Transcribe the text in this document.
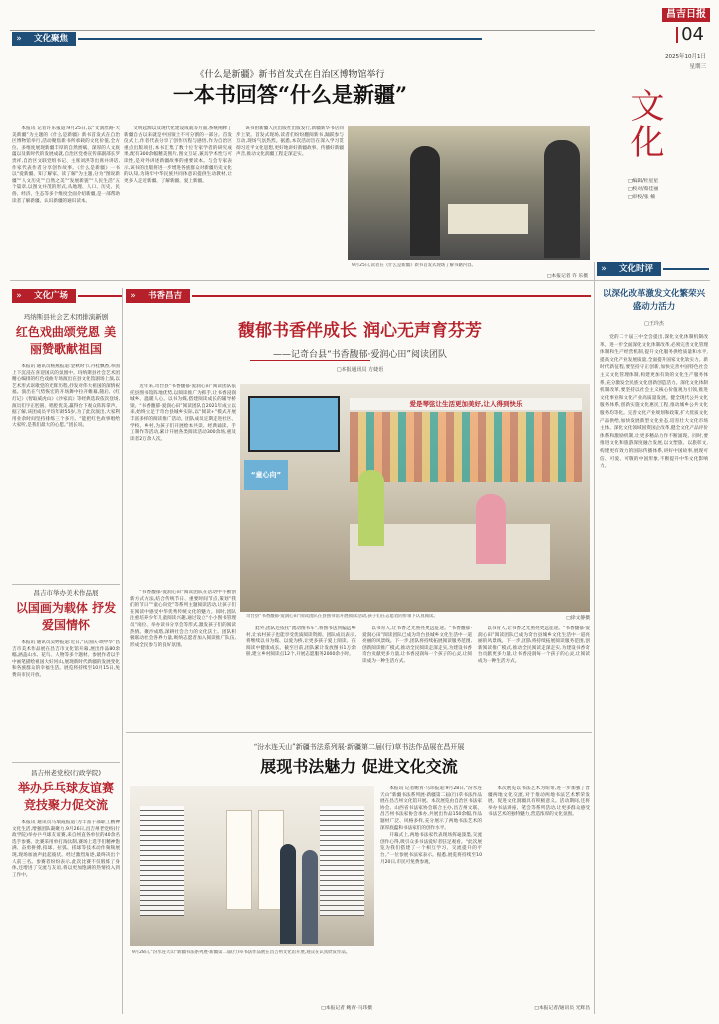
昌吉日报
04
2025年10月1日
星期三
»	文化聚焦
《什么是新疆》新书首发式在自治区博物馆举行
一本书回答“什么是新疆”

本报讯 记者许乐报道:9月25日,以“文润丝路·大美新疆”为主题的《什么是新疆》新书首发式在自治区博物馆举行,活动聚焦新书所承载的文化价值,全方位、多维度展现新疆丰厚的自然禀赋、深厚的人文底蕴以及新时代的发展成就,自治区党委宣传部副部长罗贵祥,自治区文联党组书记、主席刘洪等出席并讲话,作家代表作者分享创作故事。《什么是新疆》一书以“爱新疆、知了解家、读了解”为主题,分为“图说新疆”“人文历史”“自然之美”“发展新貌”“人民生活”五个篇章,以图文并茂的形式,从地理、人口、历史、民俗、经济、生态等多个维度全面介绍新疆,是一部帮助读者了解新疆、认识新疆的通识读本。

文明起源以及现代化建设成就等方面,系统阐释了新疆自古以来就是中国领土不可分割的一部分。首发仪式上,作者代表分享了创作历程与感悟,作为自治区重点出版项目,本书汇集了数十位专家学者的研究成果,配有300余幅精美图片,图文互证,兼具学术性与可读性,是对外讲述新疆故事的重要读本。与会专家表示,该书的出版将进一步增进各族群众对新疆历史文化的认知,为铸牢中华民族共同体意识提供生动教材,让更多人走近新疆、了解新疆、爱上新疆。

该书由新疆人民出版社出版发行,新疆新华书店同步上架。首发式现场,读者们纷纷翻阅新书,踊跃参与互动,现场气氛热烈。据悉,本次活动旨在深入学习贯彻习近平文化思想,更好地讲好新疆故事、传播好新疆声音,推动文化润疆工程走深走实。

9月25日,读者在《什么是新疆》新书首发式现场了解书籍内容。
□本报记者 许 乐摄
文化
□编辑/杜星星
□校对/蔡佳丽
□审校/张 楠
»	文化广场	»	书香昌吉
»	文化时评
玛纳斯县社会艺术团排演新剧
红色戏曲颂党恩 美丽赞歌献祖国

本报讯 通讯员杨燕报道:金秋时节,丹桂飘香,举国上下沉浸在喜迎国庆的氛围中。玛纳斯县社会艺术团精心编排的红色戏曲专场演出在县文化馆剧场上演,以艺术形式讴歌党的光辉历程,抒发对伟大祖国的深情祝福。演出在气势恢宏的开场舞中拉开帷幕,随后,《红灯记》《智取威虎山》《沙家浜》等经典选段依次登场,演员们字正腔圆、唱腔优美,赢得台下观众阵阵掌声。据了解,该团成员平均年龄55岁,为了此次演出,大家利用业余时间坚持排练三个多月。“能把红色故事唱给大家听,是我们最大的心愿。”团长说。

昌吉市举办美术作品展
以国画为载体 抒发爱国情怀

本报讯 通讯员吴婷报道:近日,“庆国庆·颂中华”昌吉市美术作品展在昌吉市文化馆开幕,展出作品80余幅,涵盖山水、花鸟、人物等多个题材。参展作者以手中画笔描绘祖国大好河山,展现新时代新疆的发展变化和各族群众的幸福生活。展览将持续至10月15日,免费向市民开放。

昌吉州老党校(行政学院)
举办乒乓球友谊赛 竞技聚力促交流

本报讯 通讯员马瑞霞报道:为丰富干部职工精神文化生活,增强团队凝聚力,9月26日,昌吉州老党校(行政学院)举办乒乓球友谊赛,来自州直各单位的40余名选手参赛。比赛采用单打淘汰制,赛场上选手们精神饱满、奋勇拼搏,扣球、拉弧、搓球等技术动作频频展现,现场加油声此起彼伏。经过激烈角逐,最终决出个人前三名。参赛者纷纷表示,此次比赛不仅锻炼了身体,还增进了交流与友谊,将以更加饱满的热情投入到工作中。

馥郁书香伴成长 润心无声育芬芳
——记奇台县“书香馥郁·爱润心田”阅读团队
□本报通讯员 方婕语

近年来,奇台县“书香馥郁·爱润心田”阅读团队依托县图书馆阵地优势,以阅读推广为抓手,让书香浸润城乡、温暖人心。以书为媒,搭建阅读成长的辅导桥梁。“书香馥郁·爱润心田”阅读团队自2021年成立以来,始终立足于奇台县城乡实际,以“阅读+”模式开展丰富多样的阅读推广活动。团队成员定期走进社区、学校、乡村,为孩子们开展绘本共读、经典诵读、手工制作等活动,累计开展各类阅读活动300余场,惠及读者2万余人次。

爱是琴弦让生活更加美好,让人得到快乐
“童心向”
奇台县“书香馥郁·爱润心田”阅读团队在县图书馆开展阅读活动,孩子们在志愿者的带领下认真阅读。	□徐文静摄

“书香馥郁·爱润心田”阅读团队在活动中不断创新方式方法,结合传统节日、重要时间节点,策划“我们的节日”“童心向党”等系列主题阅读活动,让孩子们在阅读中感受中华优秀传统文化的魅力。同时,团队注重培养少年儿童阅读兴趣,通过设立“小小图书管理员”岗位、举办读书分享会等形式,激发孩子们的阅读热情。聚沙成塔,深耕社会合力的文化沃土。团队积极联动社会各界力量,吸纳志愿者加入阅读推广队伍,形成全民参与的良好氛围。

此外,团队还依托“流动图书车”,将图书送到偏远乡村,让农村孩子也能享受优质阅读资源。团队成员表示,将继续以书为媒、以爱为桥,让更多孩子爱上阅读、在阅读中健康成长。截至目前,团队累计发放图书1万余册,建立乡村阅读点12个,开展志愿服务2000余小时。

以书育人,让书香之光照亮更远征途。“书香馥郁·爱润心田”阅读团队已成为奇台县城乡文化生活中一道亮丽的风景线。下一步,团队将持续拓展阅读服务范围,创新阅读推广模式,推动全民阅读走深走实,为建设书香奇台贡献更多力量,让书香浸润每一个孩子的心灵,让阅读成为一种生活方式。

以书育人,让书香之光照亮更远征途。“书香馥郁·爱润心田”阅读团队已成为奇台县城乡文化生活中一道亮丽的风景线。下一步,团队将持续拓展阅读服务范围,创新阅读推广模式,推动全民阅读走深走实,为建设书香奇台贡献更多力量,让书香浸润每一个孩子的心灵,让阅读成为一种生活方式。

以深化改革激发文化繁荣兴盛动力活力
□王玲杰

党的二十届三中全会提出,深化文化体制机制改革。进一步全面深化文化体制改革,必须完善文化管理体制和生产经营机制,提升文化服务供给质量和水平,提高文化产业发展质量,全面提升国家文化软实力。新时代新征程,要坚持守正创新,加快完善中国特色社会主义文化管理体制,构建更加有效的文化生产服务体系,充分激发全民族文化创新创造活力。深化文化体制机制改革,要坚持以社会主义核心价值观为引领,推进文化事业和文化产业高质量发展。健全现代公共文化服务体系,创新实施文化惠民工程,推动城乡公共文化服务均等化。完善文化产业规划和政策,扩大优质文化产品供给,加快发展新型文化业态,培育壮大文化市场主体。深化文化领域国资国企改革,健全文化产品评价体系和激励机制,让更多精品力作不断涌现。同时,要推进文化和旅游深度融合发展,以文塑旅、以旅彰文,构建更有效力的国际传播体系,讲好中国故事,展现可信、可爱、可敬的中国形象,不断提升中华文化影响力。

“汾水连天山”新疆书法系列展·新疆第二届(行)草书法作品展在昌开展
展现书法魅力 促进文化交流
9月28日,“汾水连天山”新疆书法系列展·新疆第二届(行)草书法作品展在昌吉州文化馆开展,观众在认真欣赏作品。
□本报记者 鲍青·马玮摄

本报讯 记者鲍青·马玮报道:9月28日,“汾水连天山”新疆书法系列展·新疆第二届(行)草书法作品展在昌吉州文化馆开展。本次展览由自治区书法家协会、山西省书法家协会联合主办,昌吉州文联、昌吉州书法家协会承办,共展出作品150余幅,作品题材广泛、风格多样,充分展示了两地书法艺术的深厚底蕴和书法家们的创作水平。

开幕式上,两地书法家代表现场挥毫泼墨,交流创作心得,吸引众多书法爱好者驻足观看。“此次展览为我们搭建了一个相互学习、交流提升的平台。”一位参展书法家表示。据悉,展览将持续至10月20日,市民可免费参观。

本次展览以书法艺术为纽带,进一步加强了晋疆两地文化交流,对于推动两地书法艺术繁荣发展、促进文化润疆具有积极意义。活动期间,还将举办书法讲座、笔会等系列活动,让更多群众感受书法艺术的独特魅力,营造浓厚的文化氛围。

□本报记者/通讯员 光辉昌
